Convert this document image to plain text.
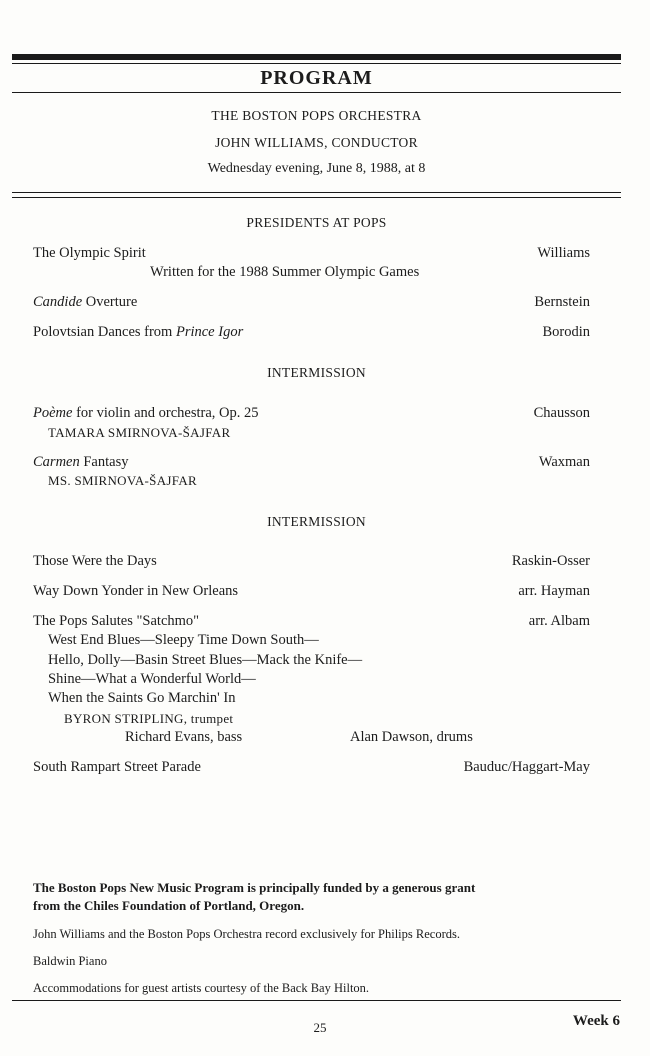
PROGRAM
THE BOSTON POPS ORCHESTRA
JOHN WILLIAMS, CONDUCTOR
Wednesday evening, June 8, 1988, at 8
PRESIDENTS AT POPS
The Olympic Spirit	Williams
Written for the 1988 Summer Olympic Games
Candide Overture	Bernstein
Polovtsian Dances from Prince Igor	Borodin
INTERMISSION
Poème for violin and orchestra, Op. 25	Chausson
TAMARA SMIRNOVA-ŠAJFAR
Carmen Fantasy	Waxman
MS. SMIRNOVA-ŠAJFAR
INTERMISSION
Those Were the Days	Raskin-Osser
Way Down Yonder in New Orleans	arr. Hayman
The Pops Salutes "Satchmo"	arr. Albam
West End Blues—Sleepy Time Down South—
Hello, Dolly—Basin Street Blues—Mack the Knife—
Shine—What a Wonderful World—
When the Saints Go Marchin' In
BYRON STRIPLING, trumpet
Richard Evans, bass	Alan Dawson, drums
South Rampart Street Parade	Bauduc/Haggart-May
The Boston Pops New Music Program is principally funded by a generous grant
from the Chiles Foundation of Portland, Oregon.
John Williams and the Boston Pops Orchestra record exclusively for Philips Records.
Baldwin Piano
Accommodations for guest artists courtesy of the Back Bay Hilton.
25	Week 6
